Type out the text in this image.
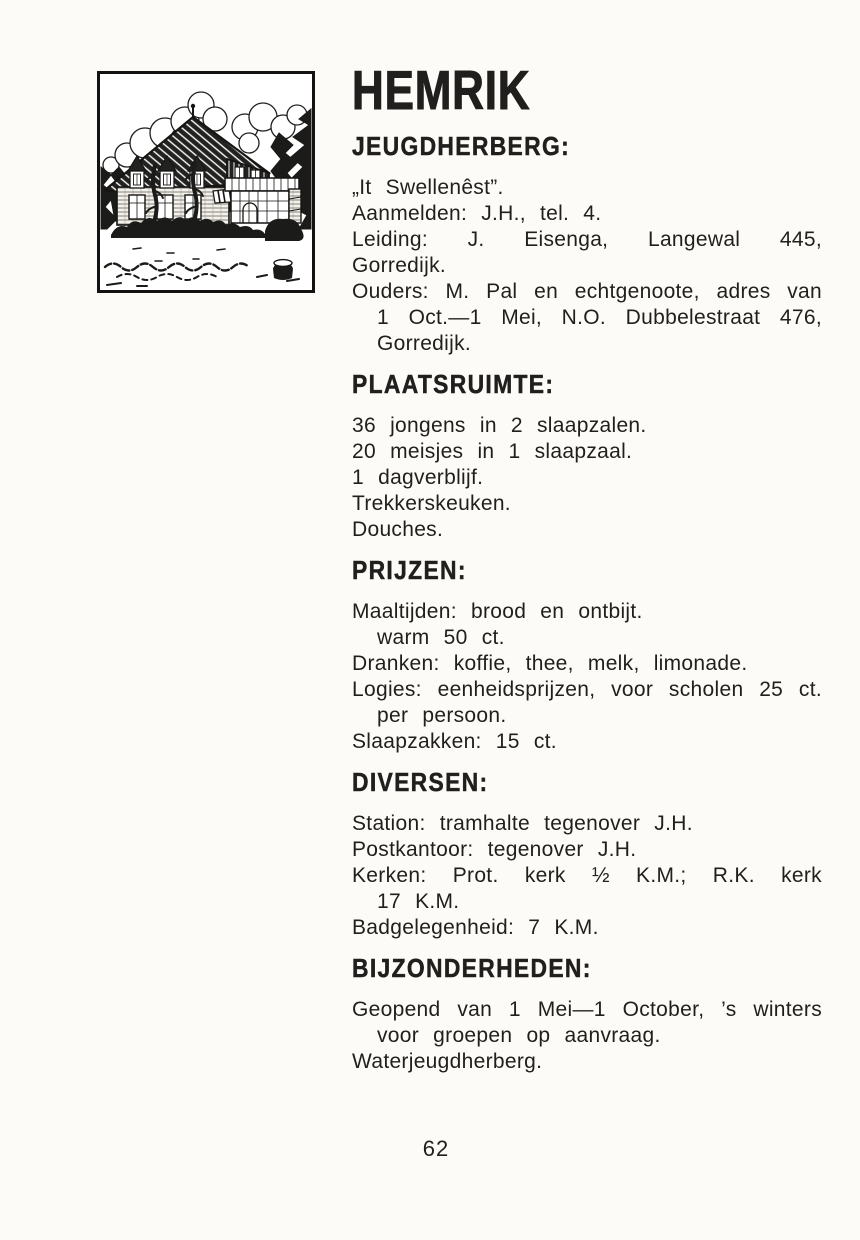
HEMRIK
JEUGDHERBERG:

„It Swellenêst”.

Aanmelden: J.H., tel. 4.

Leiding: J. Eisenga, Langewal 445, Gorredijk.

Ouders: M. Pal en echtgenoote, adres van

1 Oct.—1 Mei, N.O. Dubbelestraat 476,

Gorredijk.

PLAATSRUIMTE:

36 jongens in 2 slaapzalen.

20 meisjes in 1 slaapzaal.

1 dagverblijf.

Trekkerskeuken.

Douches.

PRIJZEN:

Maaltijden: brood en ontbijt.

warm 50 ct.

Dranken: koffie, thee, melk, limonade.

Logies: eenheidsprijzen, voor scholen 25 ct.

per persoon.

Slaapzakken: 15 ct.

DIVERSEN:

Station: tramhalte tegenover J.H.

Postkantoor: tegenover J.H.

Kerken: Prot. kerk ½ K.M.; R.K. kerk

17 K.M.

Badgelegenheid: 7 K.M.

BIJZONDERHEDEN:

Geopend van 1 Mei—1 October, ’s winters

voor groepen op aanvraag.

Waterjeugdherberg.

62
